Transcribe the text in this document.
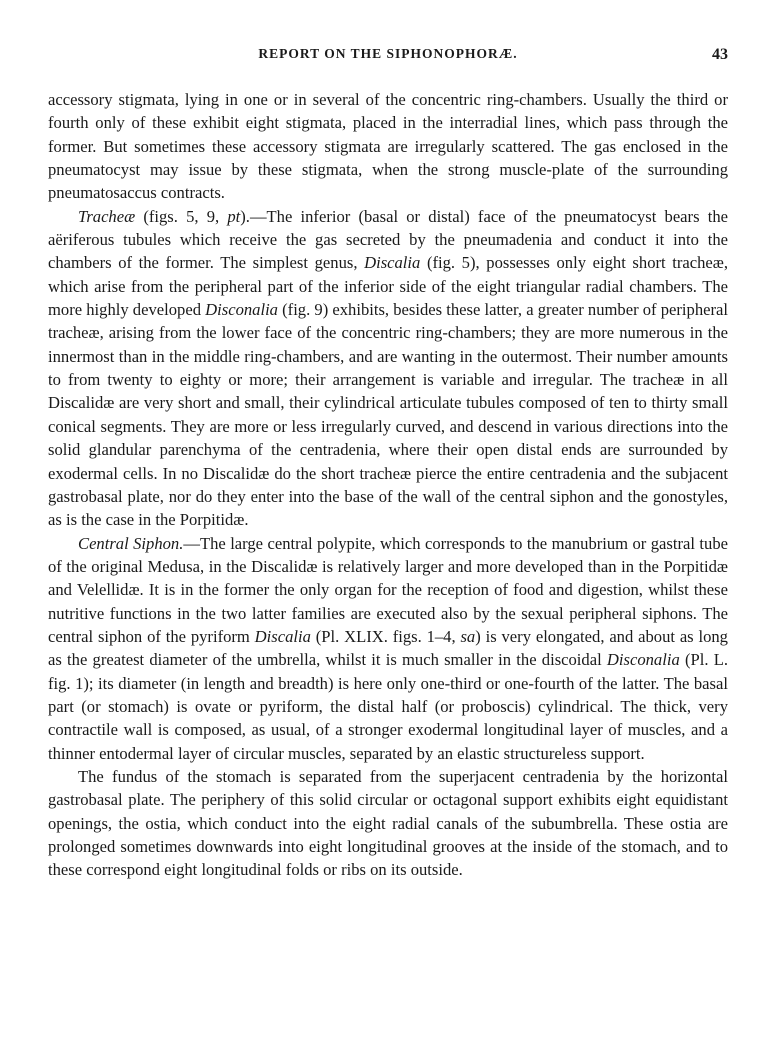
REPORT ON THE SIPHONOPHORÆ.	43

accessory stigmata, lying in one or in several of the concentric ring-chambers. Usually the third or fourth only of these exhibit eight stigmata, placed in the interradial lines, which pass through the former. But sometimes these accessory stigmata are irregularly scattered. The gas enclosed in the pneumatocyst may issue by these stigmata, when the strong muscle-plate of the surrounding pneumatosaccus contracts.

Tracheæ (figs. 5, 9, pt).—The inferior (basal or distal) face of the pneumatocyst bears the aëriferous tubules which receive the gas secreted by the pneumadenia and conduct it into the chambers of the former. The simplest genus, Discalia (fig. 5), possesses only eight short tracheæ, which arise from the peripheral part of the inferior side of the eight triangular radial chambers. The more highly developed Disconalia (fig. 9) exhibits, besides these latter, a greater number of peripheral tracheæ, arising from the lower face of the concentric ring-chambers; they are more numerous in the innermost than in the middle ring-chambers, and are wanting in the outermost. Their number amounts to from twenty to eighty or more; their arrangement is variable and irregular. The tracheæ in all Discalidæ are very short and small, their cylindrical articulate tubules composed of ten to thirty small conical segments. They are more or less irregularly curved, and descend in various directions into the solid glandular parenchyma of the centradenia, where their open distal ends are surrounded by exodermal cells. In no Discalidæ do the short tracheæ pierce the entire centradenia and the subjacent gastrobasal plate, nor do they enter into the base of the wall of the central siphon and the gonostyles, as is the case in the Porpitidæ.

Central Siphon.—The large central polypite, which corresponds to the manubrium or gastral tube of the original Medusa, in the Discalidæ is relatively larger and more developed than in the Porpitidæ and Velellidæ. It is in the former the only organ for the reception of food and digestion, whilst these nutritive functions in the two latter families are executed also by the sexual peripheral siphons. The central siphon of the pyriform Discalia (Pl. XLIX. figs. 1–4, sa) is very elongated, and about as long as the greatest diameter of the umbrella, whilst it is much smaller in the discoidal Disconalia (Pl. L. fig. 1); its diameter (in length and breadth) is here only one-third or one-fourth of the latter. The basal part (or stomach) is ovate or pyriform, the distal half (or proboscis) cylindrical. The thick, very contractile wall is composed, as usual, of a stronger exodermal longitudinal layer of muscles, and a thinner entodermal layer of circular muscles, separated by an elastic structureless support.

The fundus of the stomach is separated from the superjacent centradenia by the horizontal gastrobasal plate. The periphery of this solid circular or octagonal support exhibits eight equidistant openings, the ostia, which conduct into the eight radial canals of the subumbrella. These ostia are prolonged sometimes downwards into eight longitudinal grooves at the inside of the stomach, and to these correspond eight longitudinal folds or ribs on its outside.
